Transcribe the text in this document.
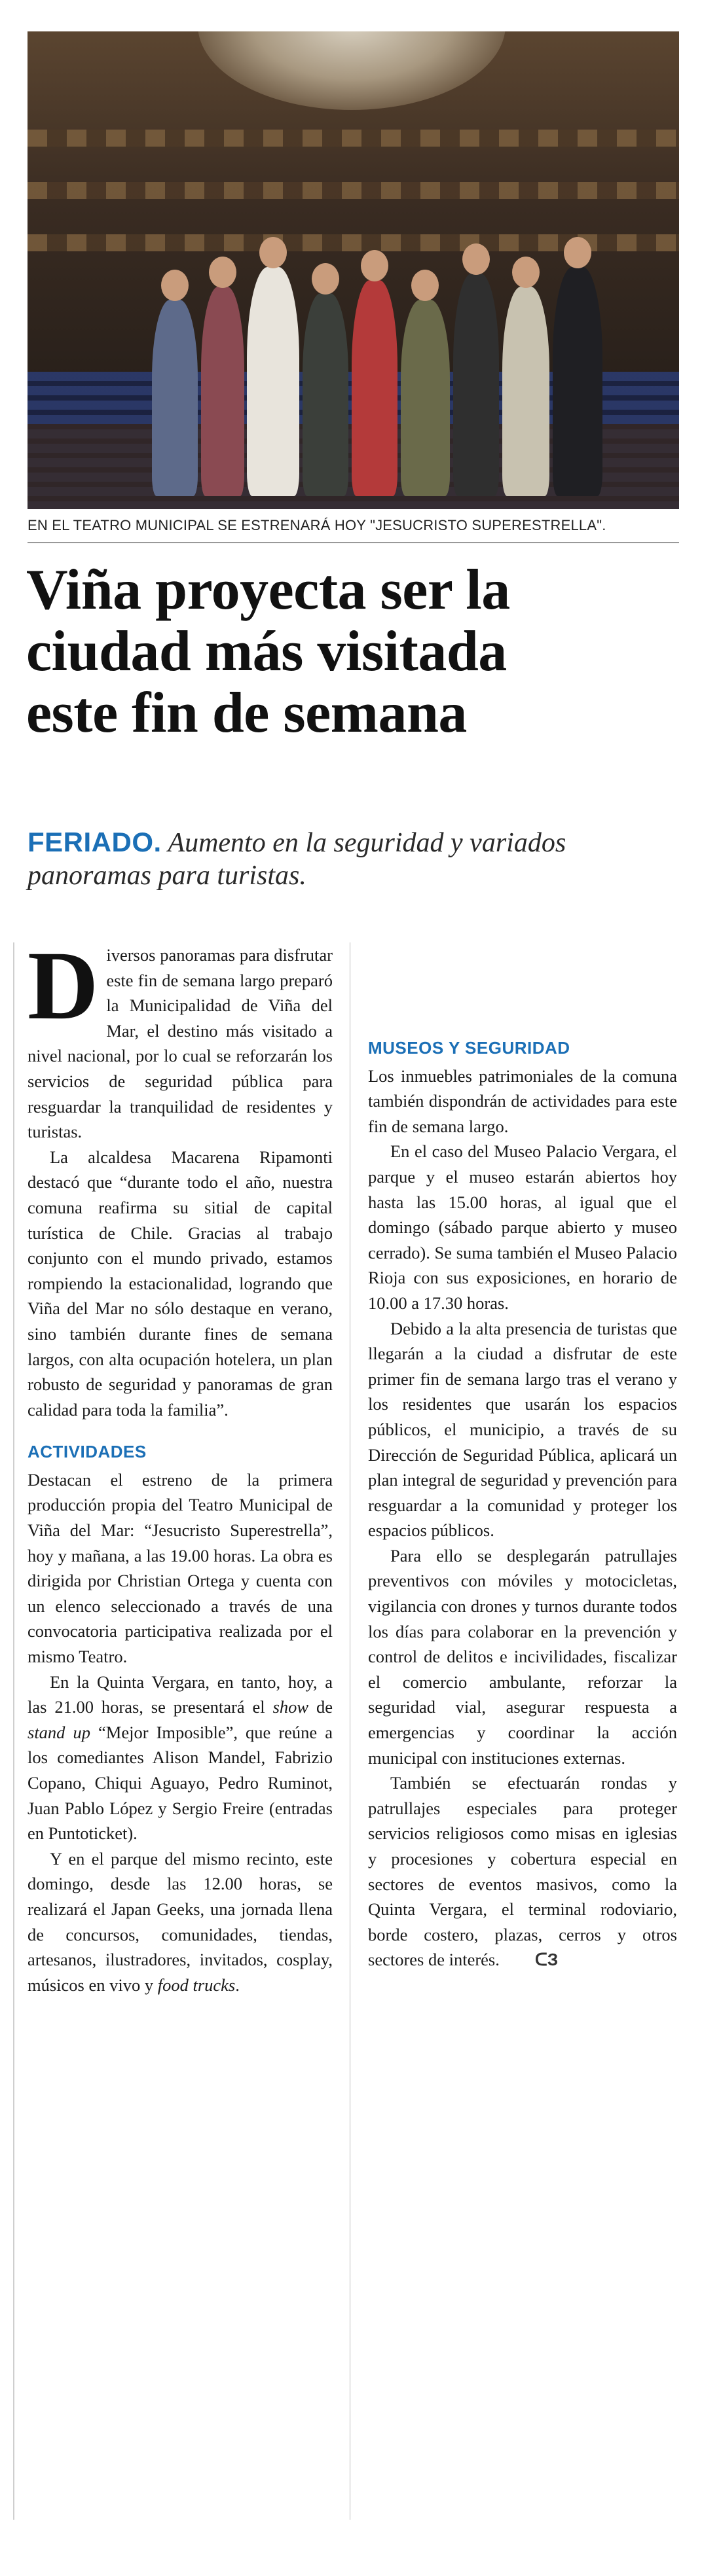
EN EL TEATRO MUNICIPAL SE ESTRENARÁ HOY "JESUCRISTO SUPERESTRELLA".
Viña proyecta ser la
ciudad más visitada
este fin de semana
FERIADO. Aumento en la seguridad y variados panoramas para turistas.

Diversos panoramas para disfrutar este fin de semana largo preparó la Municipalidad de Viña del Mar, el destino más visitado a nivel nacional, por lo cual se reforzarán los servicios de seguridad pública para resguardar la tranquilidad de residentes y turistas.

La alcaldesa Macarena Ripamonti destacó que “durante todo el año, nuestra comuna reafirma su sitial de capital turística de Chile. Gracias al trabajo conjunto con el mundo privado, estamos rompiendo la estacionalidad, logrando que Viña del Mar no sólo destaque en verano, sino también durante fines de semana largos, con alta ocupación hotelera, un plan robusto de seguridad y panoramas de gran calidad para toda la familia”.

ACTIVIDADES

Destacan el estreno de la primera producción propia del Teatro Municipal de Viña del Mar: “Jesucristo Superestrella”, hoy y mañana, a las 19.00 horas. La obra es dirigida por Christian Ortega y cuenta con un elenco seleccionado a través de una convocatoria participativa realizada por el mismo Teatro.

En la Quinta Vergara, en tanto, hoy, a las 21.00 horas, se presentará el show de stand up “Mejor Imposible”, que reúne a los comediantes Alison Mandel, Fabrizio Copano, Chiqui Aguayo, Pedro Ruminot, Juan Pablo López y Sergio Freire (entradas en Puntoticket).

Y en el parque del mismo recinto, este domingo, desde las 12.00 horas, se realizará el Japan Geeks, una jornada llena de concursos, comunidades, tiendas, artesanos, ilustradores, invitados, cosplay, músicos en vivo y food trucks.

MUSEOS Y SEGURIDAD

Los inmuebles patrimoniales de la comuna también dispondrán de actividades para este fin de semana largo.

En el caso del Museo Palacio Vergara, el parque y el museo estarán abiertos hoy hasta las 15.00 horas, al igual que el domingo (sábado parque abierto y museo cerrado). Se suma también el Museo Palacio Rioja con sus exposiciones, en horario de 10.00 a 17.30 horas.

Debido a la alta presencia de turistas que llegarán a la ciudad a disfrutar de este primer fin de semana largo tras el verano y los residentes que usarán los espacios públicos, el municipio, a través de su Dirección de Seguridad Pública, aplicará un plan integral de seguridad y prevención para resguardar a la comunidad y proteger los espacios públicos.

Para ello se desplegarán patrullajes preventivos con móviles y motocicletas, vigilancia con drones y turnos durante todos los días para colaborar en la prevención y control de delitos e incivilidades, fiscalizar el comercio ambulante, reforzar la seguridad vial, asegurar respuesta a emergencias y coordinar la acción municipal con instituciones externas.

También se efectuarán rondas y patrullajes especiales para proteger servicios religiosos como misas en iglesias y procesiones y cobertura especial en sectores de eventos masivos, como la Quinta Vergara, el terminal rodoviario, borde costero, plazas, cerros y otros sectores de interés. ᑕЗ
